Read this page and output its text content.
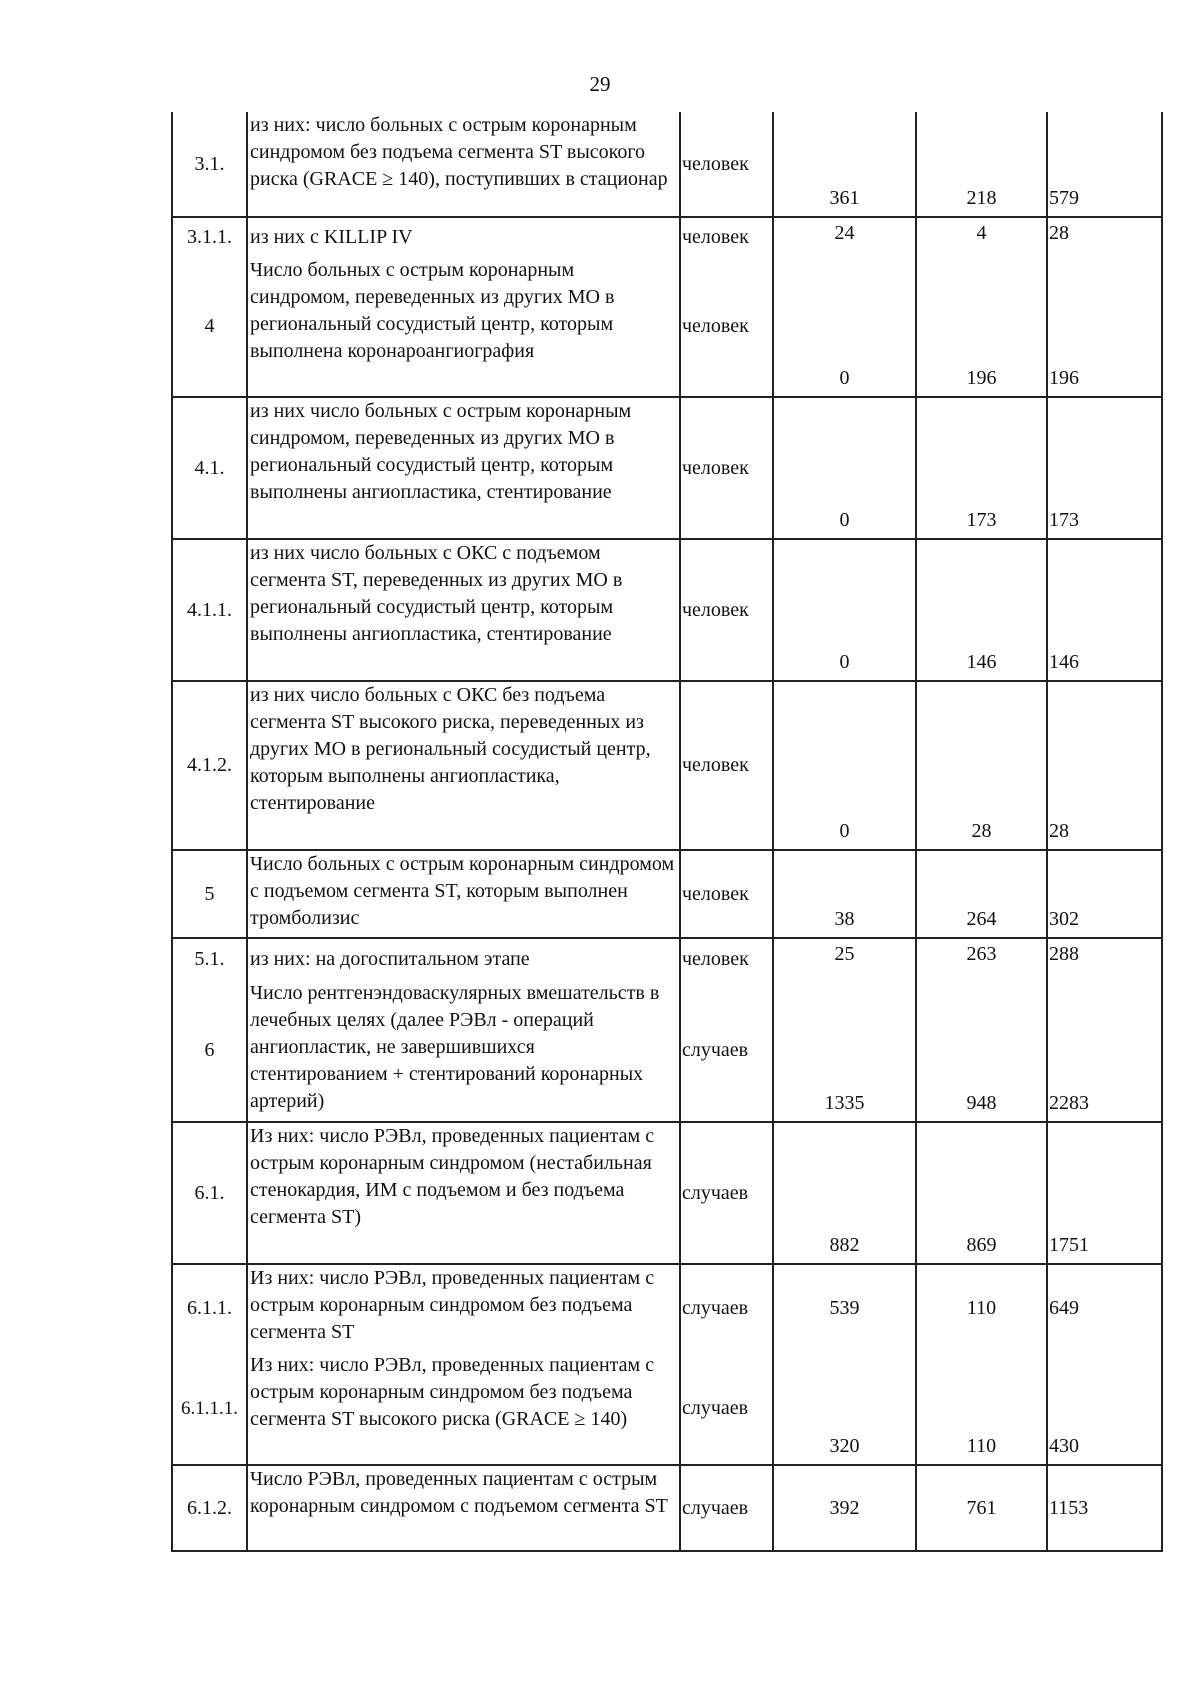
29
3.1.	из них: число больных с острым коронарным синдромом без подъема сегмента ST высокого риска (GRACE ≥ 140), поступивших в стационар	человек	361	218	579
3.1.1.	из них с KILLIP IV	человек	24	4	28
4	Число больных с острым коронарным синдромом, переведенных из других МО в региональный сосудистый центр, которым выполнена коронароангиография	человек	0	196	196
4.1.	из них число больных с острым коронарным синдромом, переведенных из других МО в региональный сосудистый центр, которым выполнены ангиопластика, стентирование	человек	0	173	173
4.1.1.	из них число больных с ОКС с подъемом сегмента ST, переведенных из других МО в региональный сосудистый центр, которым выполнены ангиопластика, стентирование	человек	0	146	146
4.1.2.	из них число больных с ОКС без подъема сегмента ST высокого риска, переведенных из других МО в региональный сосудистый центр, которым выполнены ангиопластика, стентирование	человек	0	28	28
5	Число больных с острым коронарным синдромом с подъемом сегмента ST, которым выполнен тромболизис	человек	38	264	302
5.1.	из них: на догоспитальном этапе	человек	25	263	288
6	Число рентгенэндоваскулярных вмешательств в лечебных целях (далее РЭВл - операций ангиопластик, не завершившихся стентированием + стентирований коронарных артерий)	случаев	1335	948	2283
6.1.	Из них: число РЭВл, проведенных пациентам с острым коронарным синдромом (нестабильная стенокардия, ИМ с подъемом и без подъема сегмента ST)	случаев	882	869	1751
6.1.1.	Из них: число РЭВл, проведенных пациентам с острым коронарным синдромом без подъема сегмента ST	случаев	539	110	649
6.1.1.1.	Из них: число РЭВл, проведенных пациентам с острым коронарным синдромом без подъема сегмента ST высокого риска (GRACE ≥ 140)	случаев	320	110	430
6.1.2.	Число РЭВл, проведенных пациентам с острым коронарным синдромом с подъемом сегмента ST	случаев	392	761	1153
